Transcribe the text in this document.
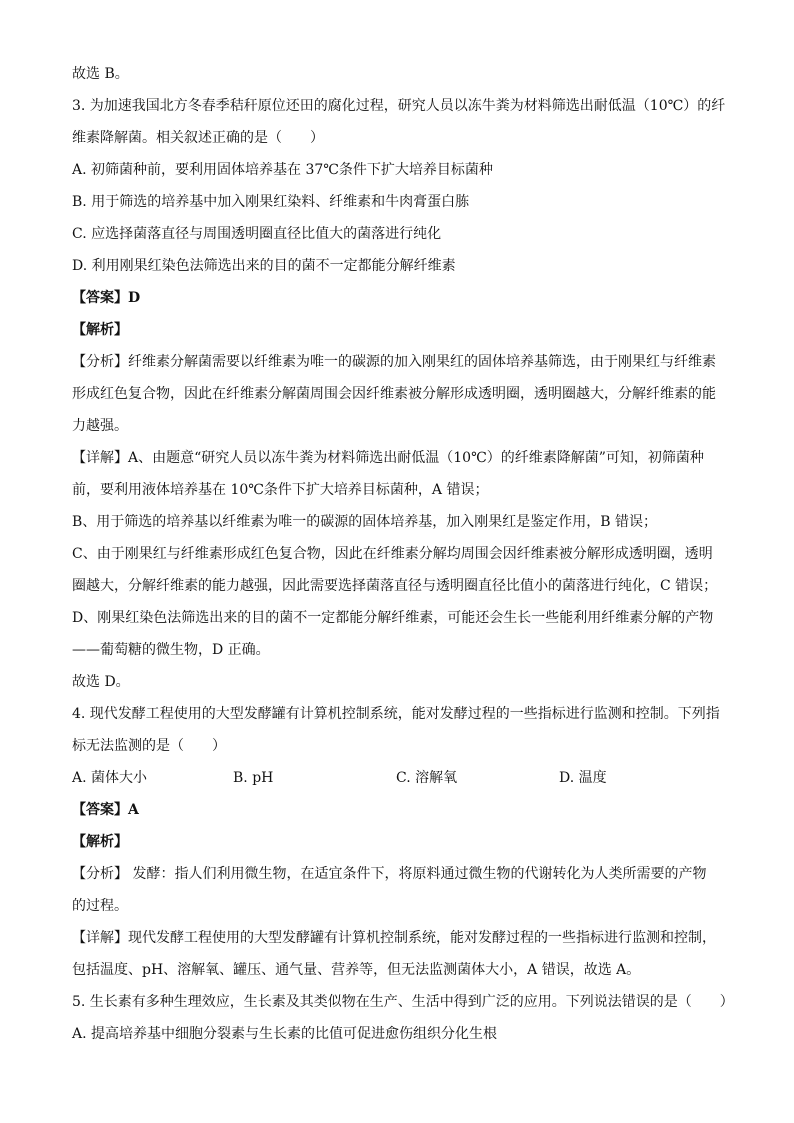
故选 B。
3. 为加速我国北方冬春季秸秆原位还田的腐化过程，研究人员以冻牛粪为材料筛选出耐低温（10℃）的纤
维素降解菌。相关叙述正确的是（　　）
A. 初筛菌种前，要利用固体培养基在 37℃条件下扩大培养目标菌种
B. 用于筛选的培养基中加入刚果红染料、纤维素和牛肉膏蛋白胨
C. 应选择菌落直径与周围透明圈直径比值大的菌落进行纯化
D. 利用刚果红染色法筛选出来的目的菌不一定都能分解纤维素
【答案】D
【解析】
【分析】纤维素分解菌需要以纤维素为唯一的碳源的加入刚果红的固体培养基筛选，由于刚果红与纤维素
形成红色复合物，因此在纤维素分解菌周围会因纤维素被分解形成透明圈，透明圈越大，分解纤维素的能
力越强。
【详解】A、由题意“研究人员以冻牛粪为材料筛选出耐低温（10℃）的纤维素降解菌”可知，初筛菌种
前，要利用液体培养基在 10℃条件下扩大培养目标菌种，A 错误；
B、用于筛选的培养基以纤维素为唯一的碳源的固体培养基，加入刚果红是鉴定作用，B 错误；
C、由于刚果红与纤维素形成红色复合物，因此在纤维素分解均周围会因纤维素被分解形成透明圈，透明
圈越大，分解纤维素的能力越强，因此需要选择菌落直径与透明圈直径比值小的菌落进行纯化，C 错误；
D、刚果红染色法筛选出来的目的菌不一定都能分解纤维素，可能还会生长一些能利用纤维素分解的产物
——葡萄糖的微生物，D 正确。
故选 D。
4. 现代发酵工程使用的大型发酵罐有计算机控制系统，能对发酵过程的一些指标进行监测和控制。下列指
标无法监测的是（　　）
A. 菌体大小	B. pH	C. 溶解氧	D. 温度
【答案】A
【解析】
【分析】 发酵：指人们利用微生物，在适宜条件下，将原料通过微生物的代谢转化为人类所需要的产物
的过程。
【详解】现代发酵工程使用的大型发酵罐有计算机控制系统，能对发酵过程的一些指标进行监测和控制，
包括温度、pH、溶解氧、罐压、通气量、营养等，但无法监测菌体大小，A 错误，故选 A。
5. 生长素有多种生理效应，生长素及其类似物在生产、生活中得到广泛的应用。下列说法错误的是（　　）
A. 提高培养基中细胞分裂素与生长素的比值可促进愈伤组织分化生根
